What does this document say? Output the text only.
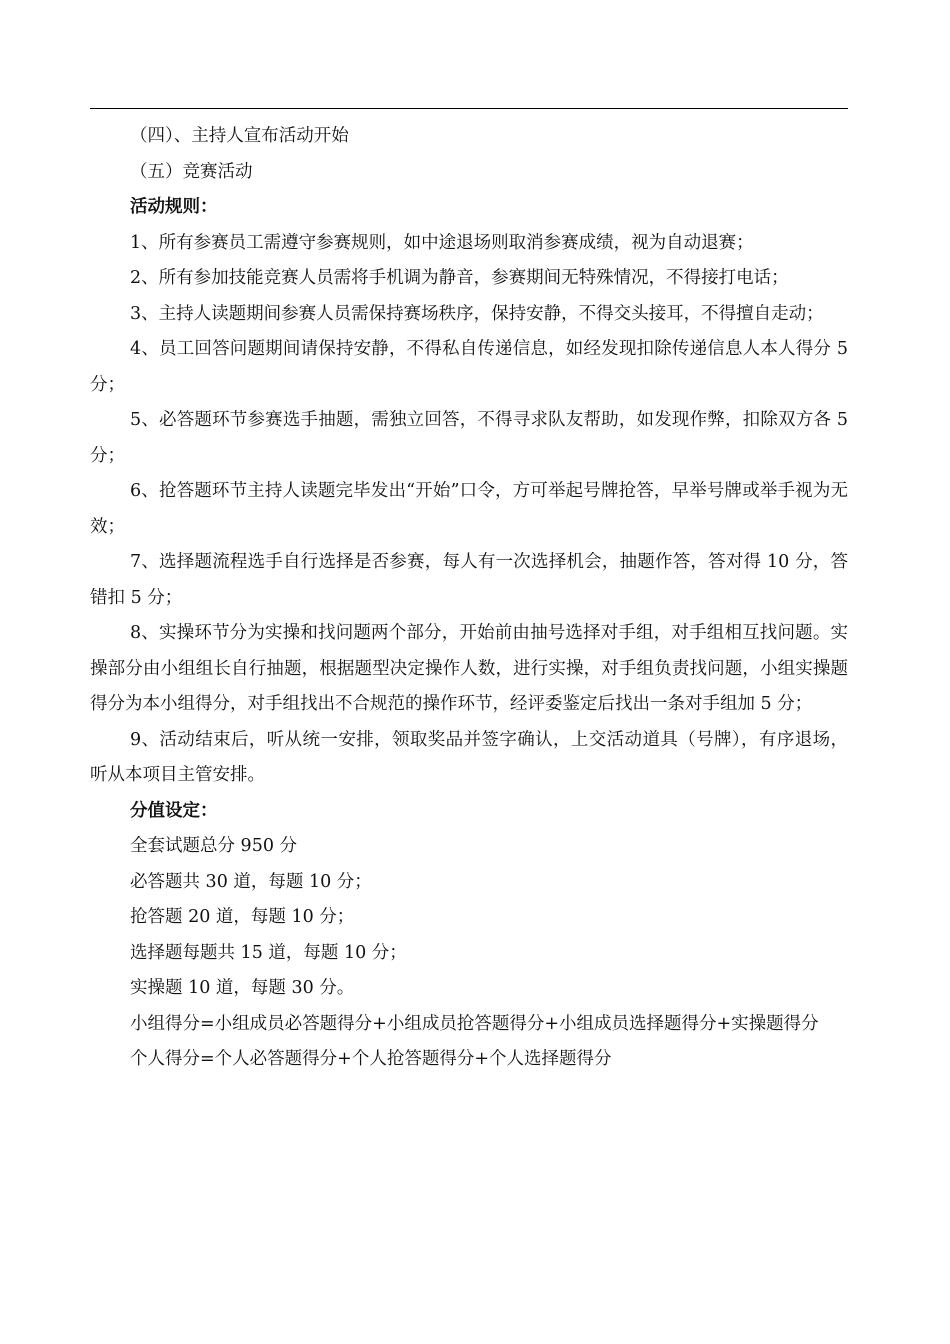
（四）、主持人宣布活动开始

（五）竞赛活动

活动规则：

1、所有参赛员工需遵守参赛规则，如中途退场则取消参赛成绩，视为自动退赛；

2、所有参加技能竞赛人员需将手机调为静音，参赛期间无特殊情况，不得接打电话；

3、主持人读题期间参赛人员需保持赛场秩序，保持安静，不得交头接耳，不得擅自走动；

4、员工回答问题期间请保持安静，不得私自传递信息，如经发现扣除传递信息人本人得分 5 分；

5、必答题环节参赛选手抽题，需独立回答，不得寻求队友帮助，如发现作弊，扣除双方各 5 分；

6、抢答题环节主持人读题完毕发出“开始”口令，方可举起号牌抢答，早举号牌或举手视为无效；

7、选择题流程选手自行选择是否参赛，每人有一次选择机会，抽题作答，答对得 10 分，答错扣 5 分；

8、实操环节分为实操和找问题两个部分，开始前由抽号选择对手组，对手组相互找问题。实操部分由小组组长自行抽题，根据题型决定操作人数，进行实操，对手组负责找问题，小组实操题得分为本小组得分，对手组找出不合规范的操作环节，经评委鉴定后找出一条对手组加 5 分；

9、活动结束后，听从统一安排，领取奖品并签字确认，上交活动道具（号牌），有序退场，听从本项目主管安排。

分值设定：

全套试题总分 950 分

必答题共 30 道，每题 10 分；

抢答题 20 道，每题 10 分；

选择题每题共 15 道，每题 10 分；

实操题 10 道，每题 30 分。

小组得分=小组成员必答题得分+小组成员抢答题得分+小组成员选择题得分+实操题得分

个人得分=个人必答题得分+个人抢答题得分+个人选择题得分
